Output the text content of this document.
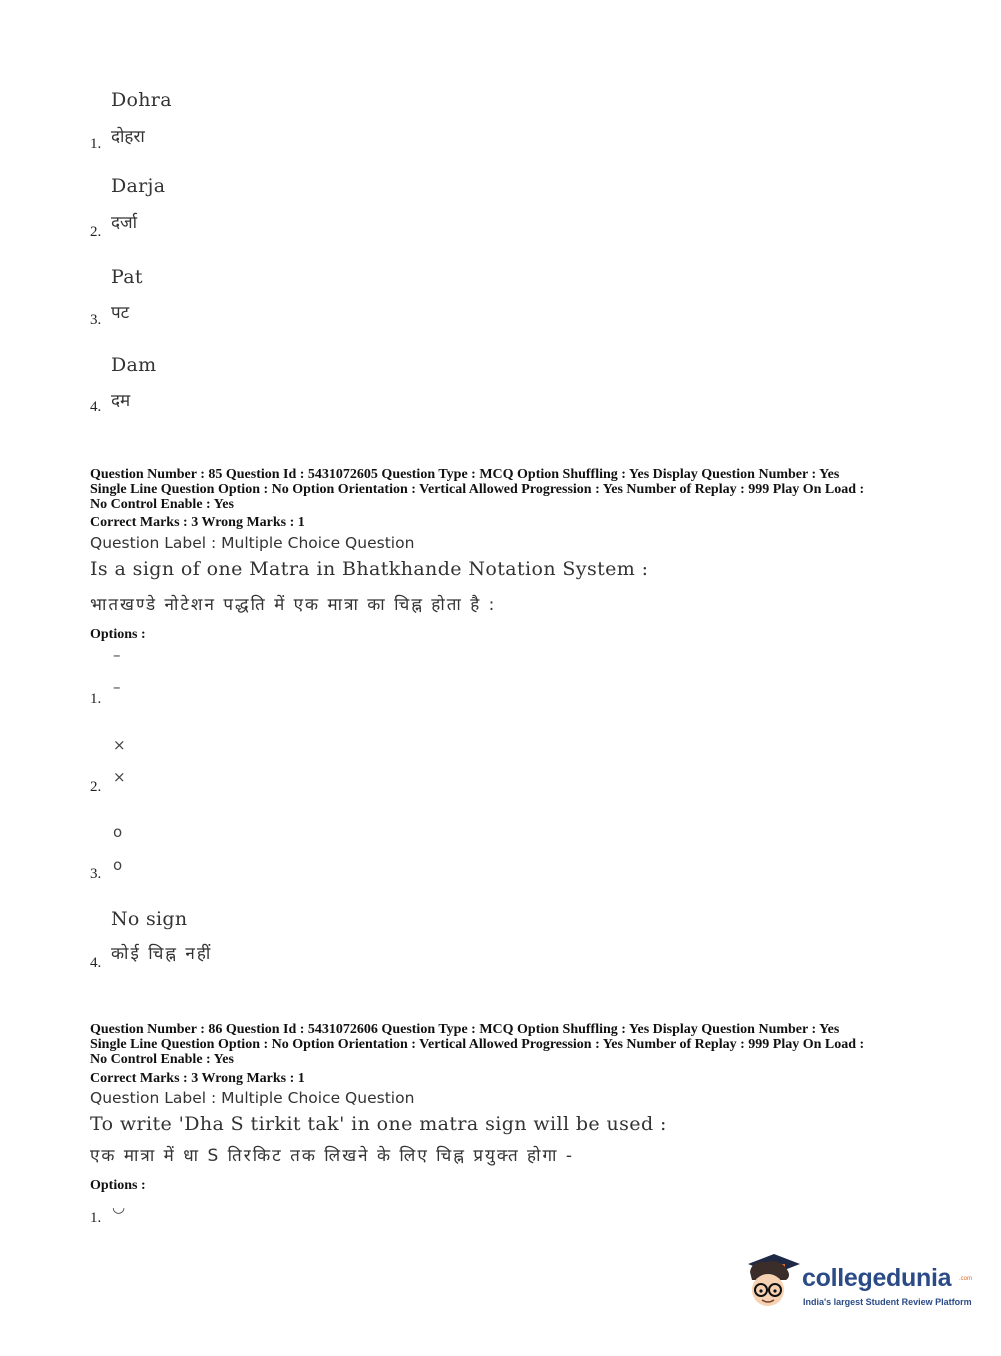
Dohra
1. दोहरा
Darja
2. दर्जा
Pat
3. पट
Dam
4. दम
Question Number : 85 Question Id : 5431072605 Question Type : MCQ Option Shuffling : Yes Display Question Number : Yes
Single Line Question Option : No Option Orientation : Vertical Allowed Progression : Yes Number of Replay : 999 Play On Load :
No Control Enable : Yes
Correct Marks : 3 Wrong Marks : 1
Question Label : Multiple Choice Question
Is a sign of one Matra in Bhatkhande Notation System :
भातखण्डे नोटेशन पद्धति में एक मात्रा का चिह्न होता है :
Options :
–
1.
–
×
2.
×
o
3. o
No sign
4. कोई चिह्न नहीं
Question Number : 86 Question Id : 5431072606 Question Type : MCQ Option Shuffling : Yes Display Question Number : Yes
Single Line Question Option : No Option Orientation : Vertical Allowed Progression : Yes Number of Replay : 999 Play On Load :
No Control Enable : Yes
Correct Marks : 3 Wrong Marks : 1
Question Label : Multiple Choice Question
To write 'Dha S tirkit tak' in one matra sign will be used :
एक मात्रा में धा S तिरकिट तक लिखने के लिए चिह्न प्रयुक्त होगा -
Options :
1.
◡
collegedunia .com
India's largest Student Review Platform
